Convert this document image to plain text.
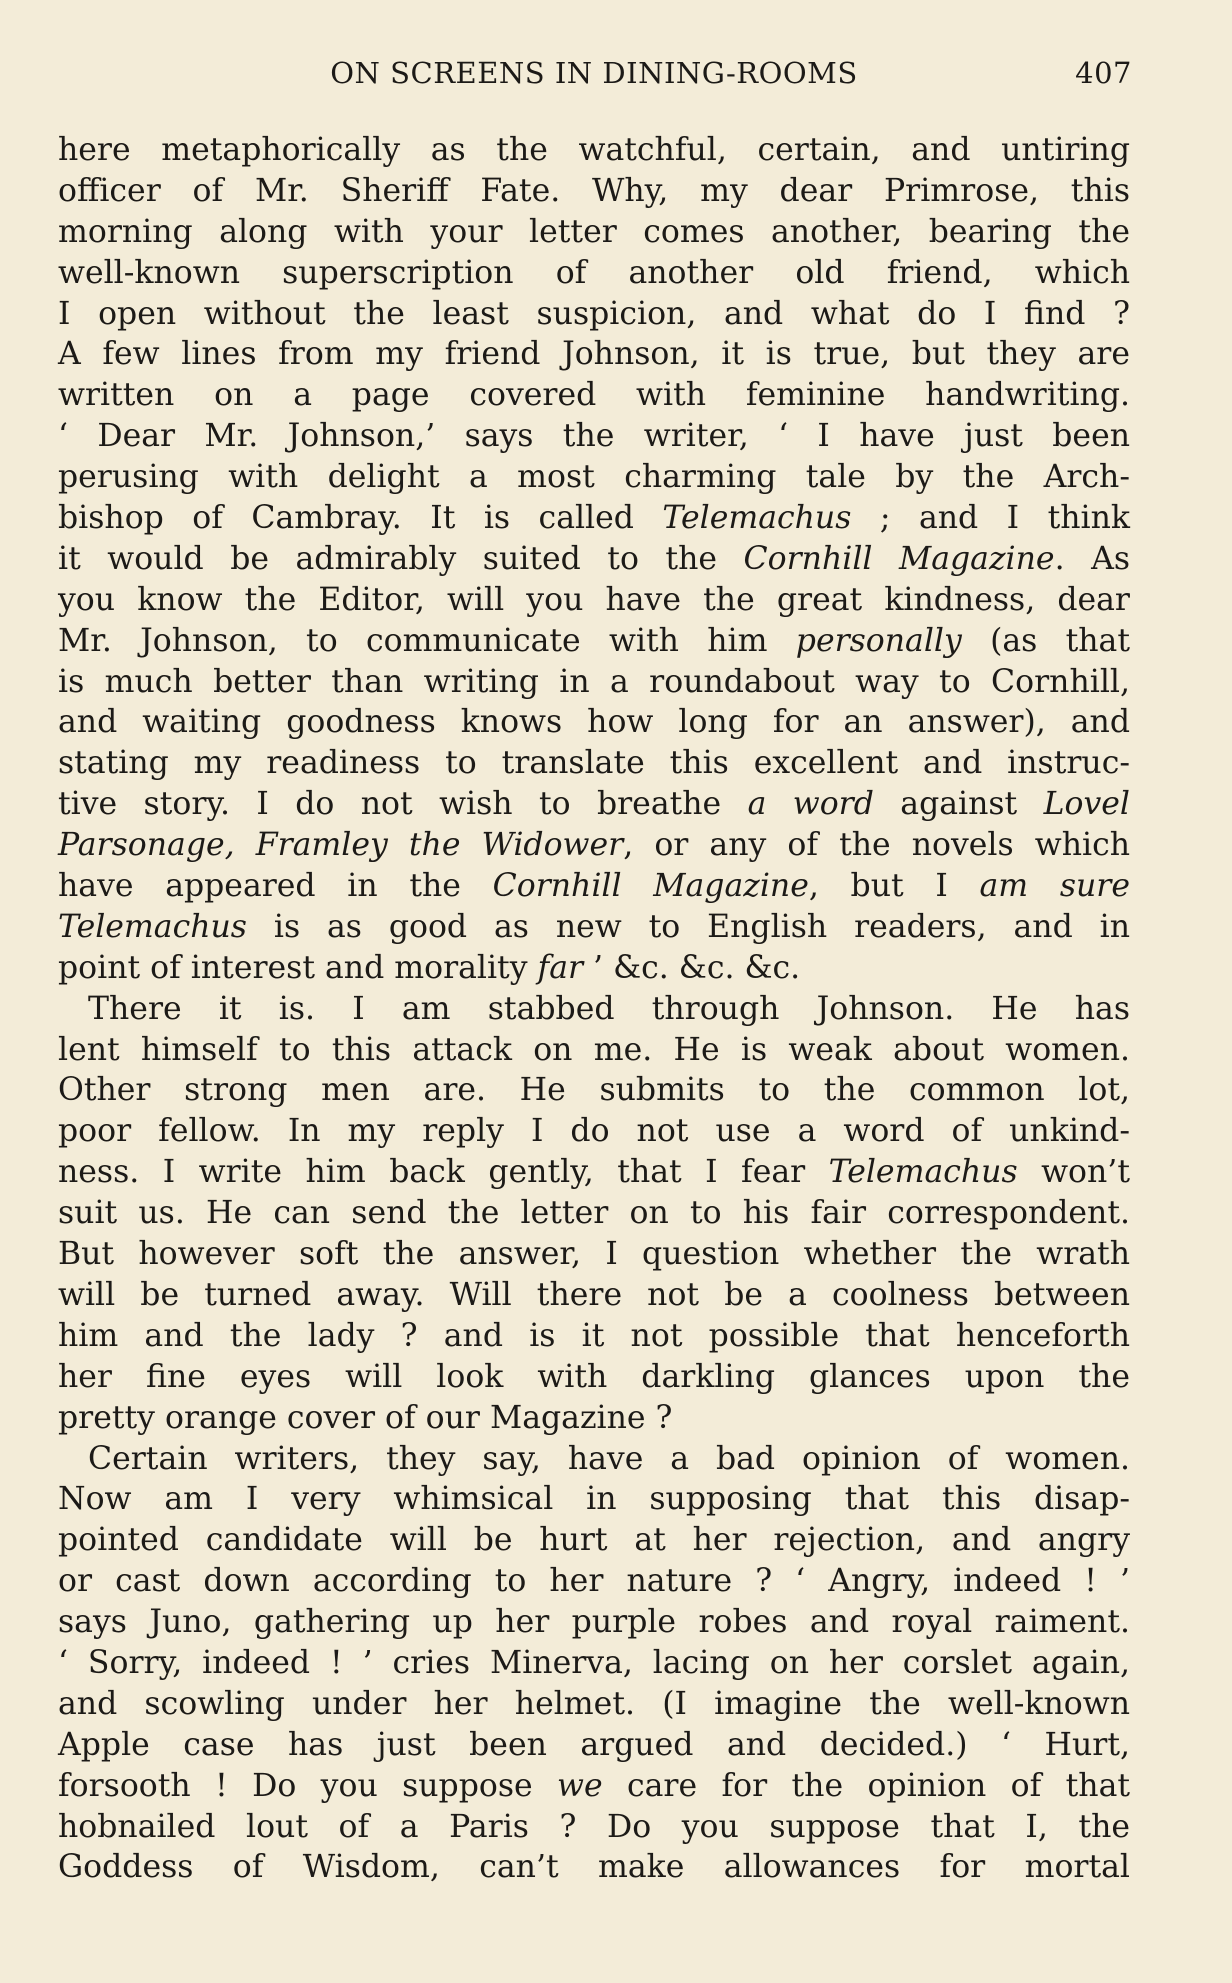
ON SCREENS IN DINING-ROOMS	407
here metaphorically as the watchful, certain, and untiring
officer of Mr. Sheriff Fate. Why, my dear Primrose, this
morning along with your letter comes another, bearing the
well-known superscription of another old friend, which
I open without the least suspicion, and what do I find ?
A few lines from my friend Johnson, it is true, but they are
written on a page covered with feminine handwriting.
‘ Dear Mr. Johnson,’ says the writer, ‘ I have just been
perusing with delight a most charming tale by the Arch-
bishop of Cambray. It is called Telemachus ; and I think
it would be admirably suited to the Cornhill Magazine. As
you know the Editor, will you have the great kindness, dear
Mr. Johnson, to communicate with him personally (as that
is much better than writing in a roundabout way to Cornhill,
and waiting goodness knows how long for an answer), and
stating my readiness to translate this excellent and instruc-
tive story. I do not wish to breathe a word against Lovel
Parsonage, Framley the Widower, or any of the novels which
have appeared in the Cornhill Magazine, but I am sure
Telemachus is as good as new to English readers, and in
point of interest and morality far ’ &c. &c. &c.
There it is. I am stabbed through Johnson. He has
lent himself to this attack on me. He is weak about women.
Other strong men are. He submits to the common lot,
poor fellow. In my reply I do not use a word of unkind-
ness. I write him back gently, that I fear Telemachus won’t
suit us. He can send the letter on to his fair correspondent.
But however soft the answer, I question whether the wrath
will be turned away. Will there not be a coolness between
him and the lady ? and is it not possible that henceforth
her fine eyes will look with darkling glances upon the
pretty orange cover of our Magazine ?
Certain writers, they say, have a bad opinion of women.
Now am I very whimsical in supposing that this disap-
pointed candidate will be hurt at her rejection, and angry
or cast down according to her nature ? ‘ Angry, indeed ! ’
says Juno, gathering up her purple robes and royal raiment.
‘ Sorry, indeed ! ’ cries Minerva, lacing on her corslet again,
and scowling under her helmet. (I imagine the well-known
Apple case has just been argued and decided.) ‘ Hurt,
forsooth ! Do you suppose we care for the opinion of that
hobnailed lout of a Paris ? Do you suppose that I, the
Goddess of Wisdom, can’t make allowances for mortal
